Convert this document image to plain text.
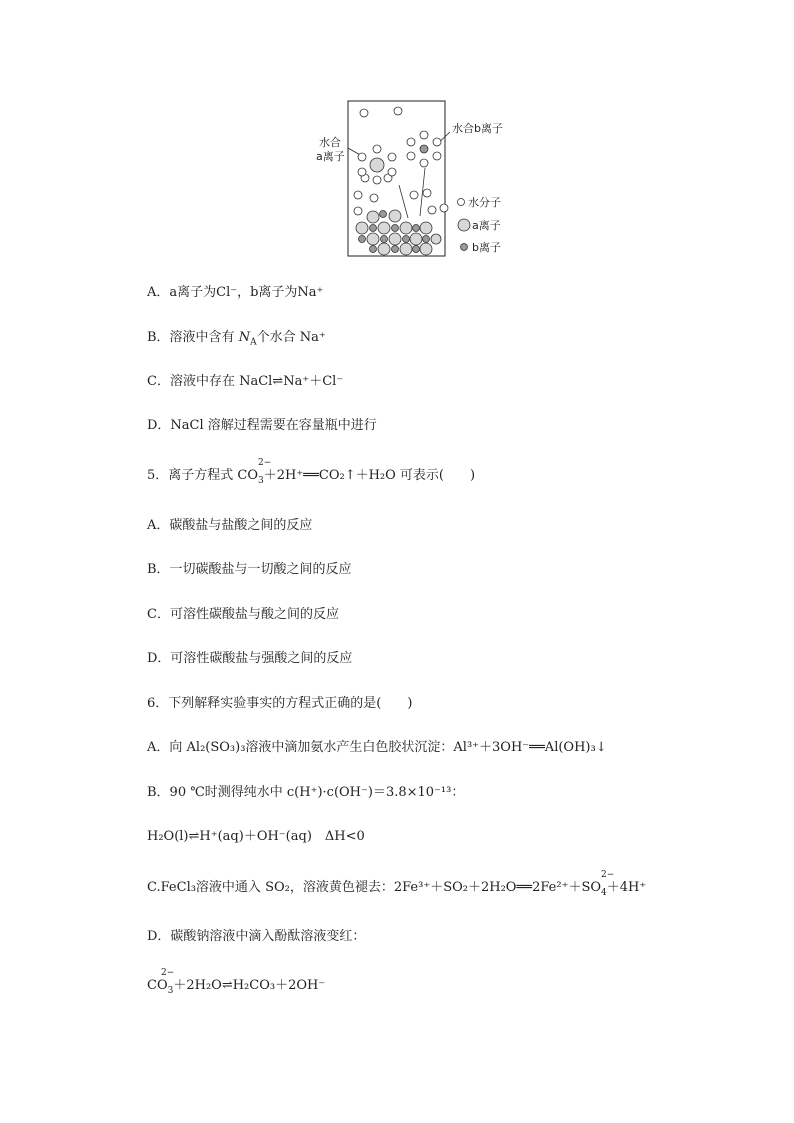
水合
a离子
水合b离子
水分子
a离子
b离子
A．a离子为Cl⁻，b离子为Na⁺
B．溶液中含有 $N_A$个水合 Na⁺
C．溶液中存在 NaCl⇌Na⁺＋Cl⁻
D．NaCl 溶解过程需要在容量瓶中进行
5．离子方程式 CO
2−
$_3$＋2H⁺══CO₂↑＋H₂O 可表示(　　)
A．碳酸盐与盐酸之间的反应
B．一切碳酸盐与一切酸之间的反应
C．可溶性碳酸盐与酸之间的反应
D．可溶性碳酸盐与强酸之间的反应
6．下列解释实验事实的方程式正确的是(　　)
A．向 Al₂(SO₃)₃溶液中滴加氨水产生白色胶状沉淀：Al³⁺＋3OH⁻══Al(OH)₃↓
B．90 ℃时测得纯水中 c(H⁺)·c(OH⁻)＝3.8×10⁻¹³：
H₂O(l)⇌H⁺(aq)＋OH⁻(aq)　ΔH<0
C.FeCl₃溶液中通入 SO₂，溶液黄色褪去：2Fe³⁺＋SO₂＋2H₂O══2Fe²⁺＋SO
2−
$_4$＋4H⁺
D．碳酸钠溶液中滴入酚酞溶液变红：
2−
$CO_3+2H_2O\rightleftharpoons H_2CO_3+2OH^-$
